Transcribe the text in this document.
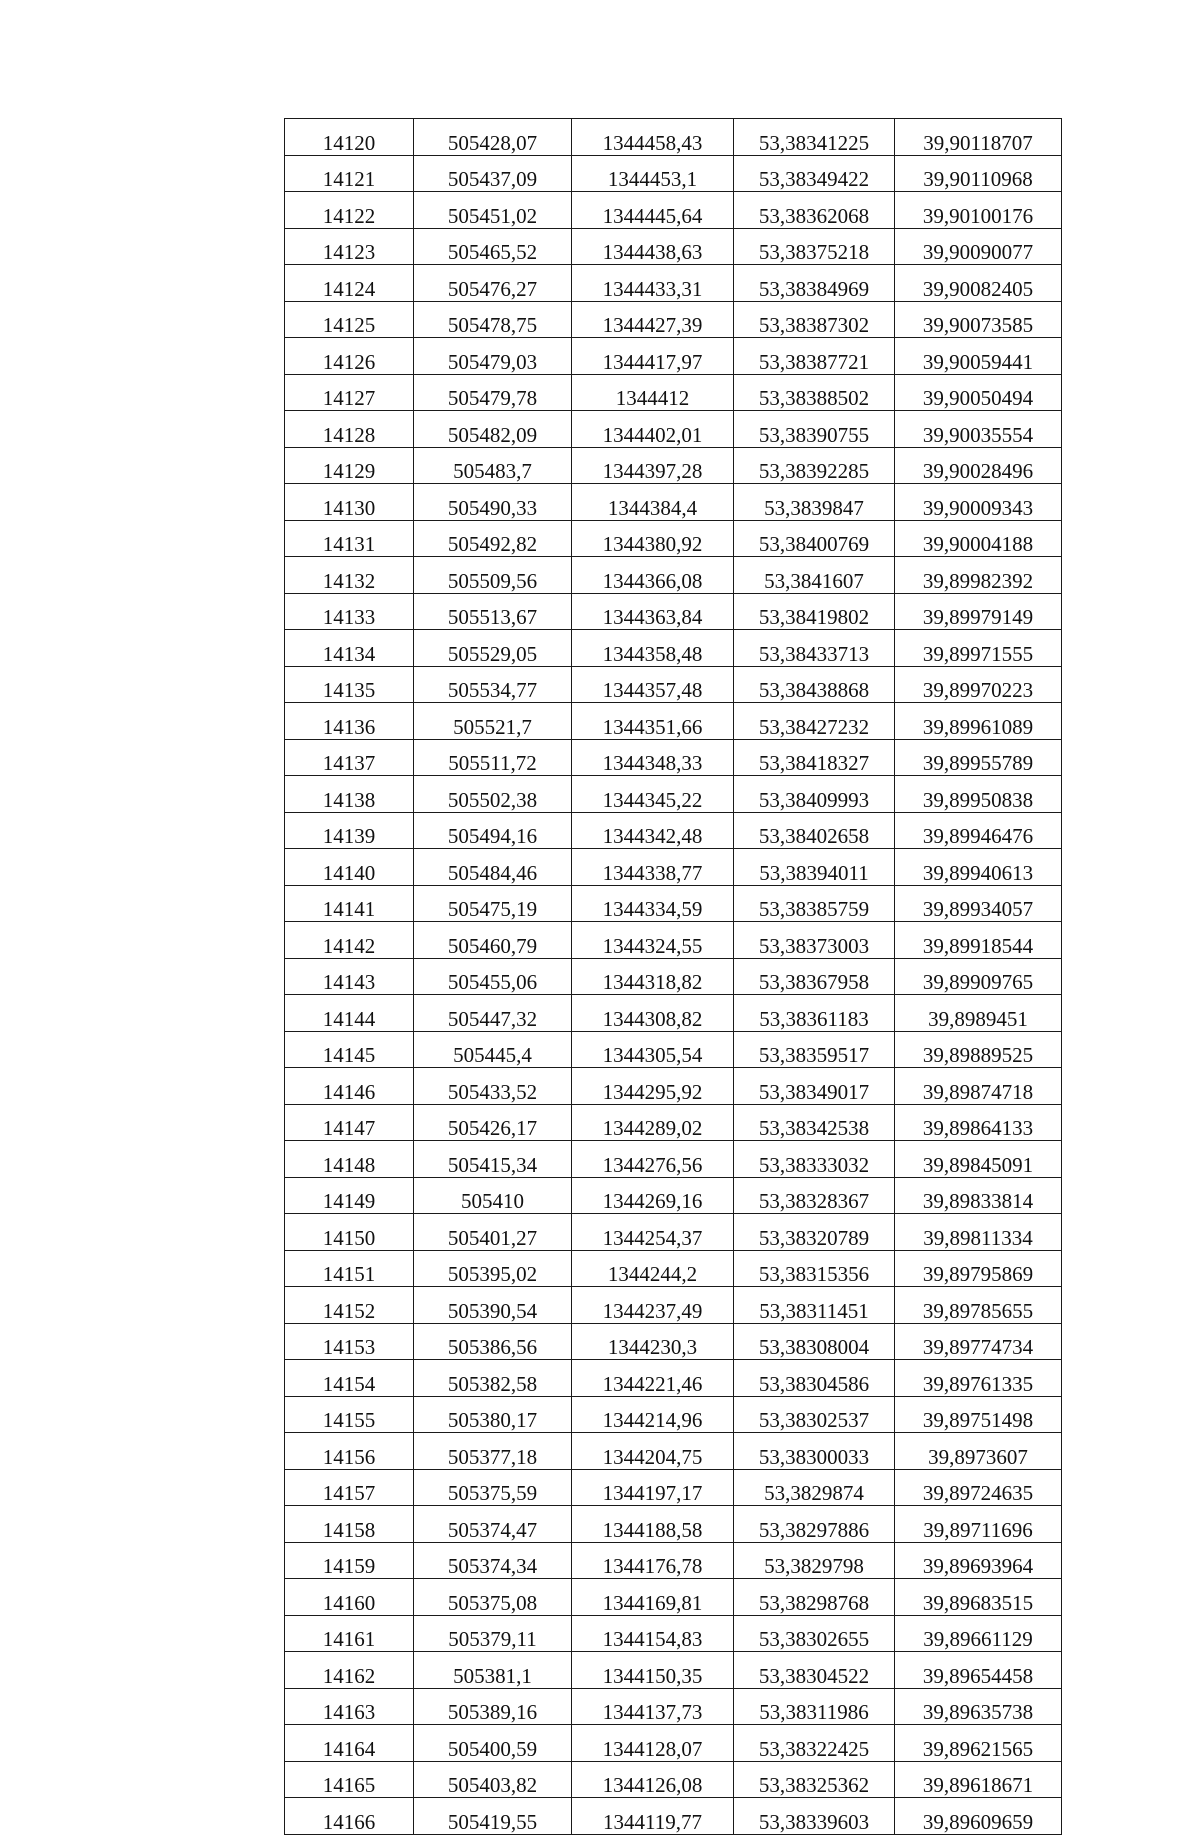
14120	505428,07	1344458,43	53,38341225	39,90118707
14121	505437,09	1344453,1	53,38349422	39,90110968
14122	505451,02	1344445,64	53,38362068	39,90100176
14123	505465,52	1344438,63	53,38375218	39,90090077
14124	505476,27	1344433,31	53,38384969	39,90082405
14125	505478,75	1344427,39	53,38387302	39,90073585
14126	505479,03	1344417,97	53,38387721	39,90059441
14127	505479,78	1344412	53,38388502	39,90050494
14128	505482,09	1344402,01	53,38390755	39,90035554
14129	505483,7	1344397,28	53,38392285	39,90028496
14130	505490,33	1344384,4	53,3839847	39,90009343
14131	505492,82	1344380,92	53,38400769	39,90004188
14132	505509,56	1344366,08	53,3841607	39,89982392
14133	505513,67	1344363,84	53,38419802	39,89979149
14134	505529,05	1344358,48	53,38433713	39,89971555
14135	505534,77	1344357,48	53,38438868	39,89970223
14136	505521,7	1344351,66	53,38427232	39,89961089
14137	505511,72	1344348,33	53,38418327	39,89955789
14138	505502,38	1344345,22	53,38409993	39,89950838
14139	505494,16	1344342,48	53,38402658	39,89946476
14140	505484,46	1344338,77	53,38394011	39,89940613
14141	505475,19	1344334,59	53,38385759	39,89934057
14142	505460,79	1344324,55	53,38373003	39,89918544
14143	505455,06	1344318,82	53,38367958	39,89909765
14144	505447,32	1344308,82	53,38361183	39,8989451
14145	505445,4	1344305,54	53,38359517	39,89889525
14146	505433,52	1344295,92	53,38349017	39,89874718
14147	505426,17	1344289,02	53,38342538	39,89864133
14148	505415,34	1344276,56	53,38333032	39,89845091
14149	505410	1344269,16	53,38328367	39,89833814
14150	505401,27	1344254,37	53,38320789	39,89811334
14151	505395,02	1344244,2	53,38315356	39,89795869
14152	505390,54	1344237,49	53,38311451	39,89785655
14153	505386,56	1344230,3	53,38308004	39,89774734
14154	505382,58	1344221,46	53,38304586	39,89761335
14155	505380,17	1344214,96	53,38302537	39,89751498
14156	505377,18	1344204,75	53,38300033	39,8973607
14157	505375,59	1344197,17	53,3829874	39,89724635
14158	505374,47	1344188,58	53,38297886	39,89711696
14159	505374,34	1344176,78	53,3829798	39,89693964
14160	505375,08	1344169,81	53,38298768	39,89683515
14161	505379,11	1344154,83	53,38302655	39,89661129
14162	505381,1	1344150,35	53,38304522	39,89654458
14163	505389,16	1344137,73	53,38311986	39,89635738
14164	505400,59	1344128,07	53,38322425	39,89621565
14165	505403,82	1344126,08	53,38325362	39,89618671
14166	505419,55	1344119,77	53,38339603	39,89609659
